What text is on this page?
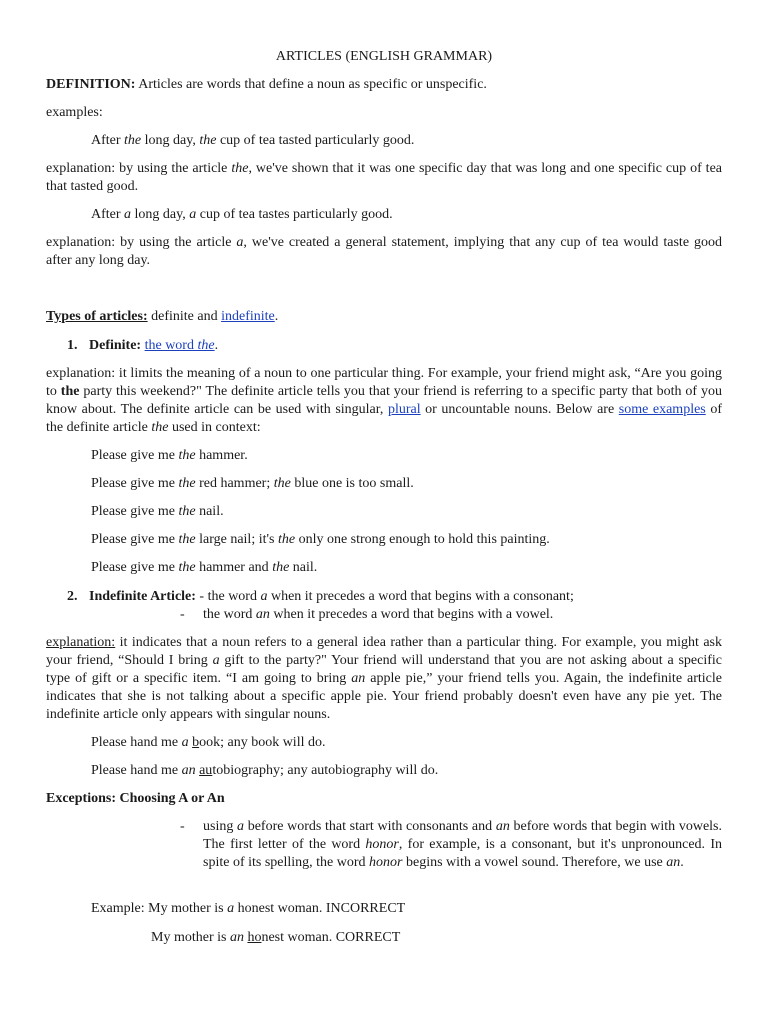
ARTICLES (ENGLISH GRAMMAR)
DEFINITION: Articles are words that define a noun as specific or unspecific.
examples:
After the long day, the cup of tea tasted particularly good.
explanation: by using the article the, we've shown that it was one specific day that was long and one specific cup of tea that tasted good.
After a long day, a cup of tea tastes particularly good.
explanation: by using the article a, we've created a general statement, implying that any cup of tea would taste good after any long day.
Types of articles: definite and indefinite.
1. Definite: the word the.
explanation: it limits the meaning of a noun to one particular thing. For example, your friend might ask, “Are you going to the party this weekend?" The definite article tells you that your friend is referring to a specific party that both of you know about. The definite article can be used with singular, plural or uncountable nouns. Below are some examples of the definite article the used in context:
Please give me the hammer.
Please give me the red hammer; the blue one is too small.
Please give me the nail.
Please give me the large nail; it's the only one strong enough to hold this painting.
Please give me the hammer and the nail.
2. Indefinite Article: - the word a when it precedes a word that begins with a consonant;
- the word an when it precedes a word that begins with a vowel.
explanation: it indicates that a noun refers to a general idea rather than a particular thing. For example, you might ask your friend, “Should I bring a gift to the party?" Your friend will understand that you are not asking about a specific type of gift or a specific item. “I am going to bring an apple pie,” your friend tells you. Again, the indefinite article indicates that she is not talking about a specific apple pie. Your friend probably doesn't even have any pie yet. The indefinite article only appears with singular nouns.
Please hand me a book; any book will do.
Please hand me an autobiography; any autobiography will do.
Exceptions: Choosing A or An
- using a before words that start with consonants and an before words that begin with vowels. The first letter of the word honor, for example, is a consonant, but it's unpronounced. In spite of its spelling, the word honor begins with a vowel sound. Therefore, we use an.
Example: My mother is a honest woman. INCORRECT
My mother is an honest woman. CORRECT
